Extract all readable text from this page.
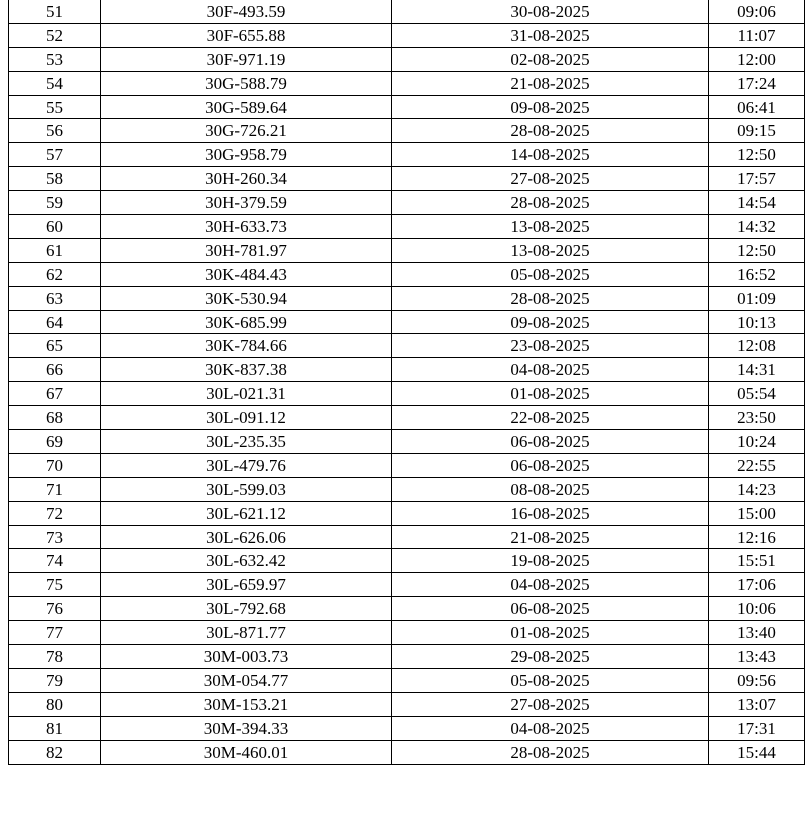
51	30F-493.59	30-08-2025	09:06
52	30F-655.88	31-08-2025	11:07
53	30F-971.19	02-08-2025	12:00
54	30G-588.79	21-08-2025	17:24
55	30G-589.64	09-08-2025	06:41
56	30G-726.21	28-08-2025	09:15
57	30G-958.79	14-08-2025	12:50
58	30H-260.34	27-08-2025	17:57
59	30H-379.59	28-08-2025	14:54
60	30H-633.73	13-08-2025	14:32
61	30H-781.97	13-08-2025	12:50
62	30K-484.43	05-08-2025	16:52
63	30K-530.94	28-08-2025	01:09
64	30K-685.99	09-08-2025	10:13
65	30K-784.66	23-08-2025	12:08
66	30K-837.38	04-08-2025	14:31
67	30L-021.31	01-08-2025	05:54
68	30L-091.12	22-08-2025	23:50
69	30L-235.35	06-08-2025	10:24
70	30L-479.76	06-08-2025	22:55
71	30L-599.03	08-08-2025	14:23
72	30L-621.12	16-08-2025	15:00
73	30L-626.06	21-08-2025	12:16
74	30L-632.42	19-08-2025	15:51
75	30L-659.97	04-08-2025	17:06
76	30L-792.68	06-08-2025	10:06
77	30L-871.77	01-08-2025	13:40
78	30M-003.73	29-08-2025	13:43
79	30M-054.77	05-08-2025	09:56
80	30M-153.21	27-08-2025	13:07
81	30M-394.33	04-08-2025	17:31
82	30M-460.01	28-08-2025	15:44
